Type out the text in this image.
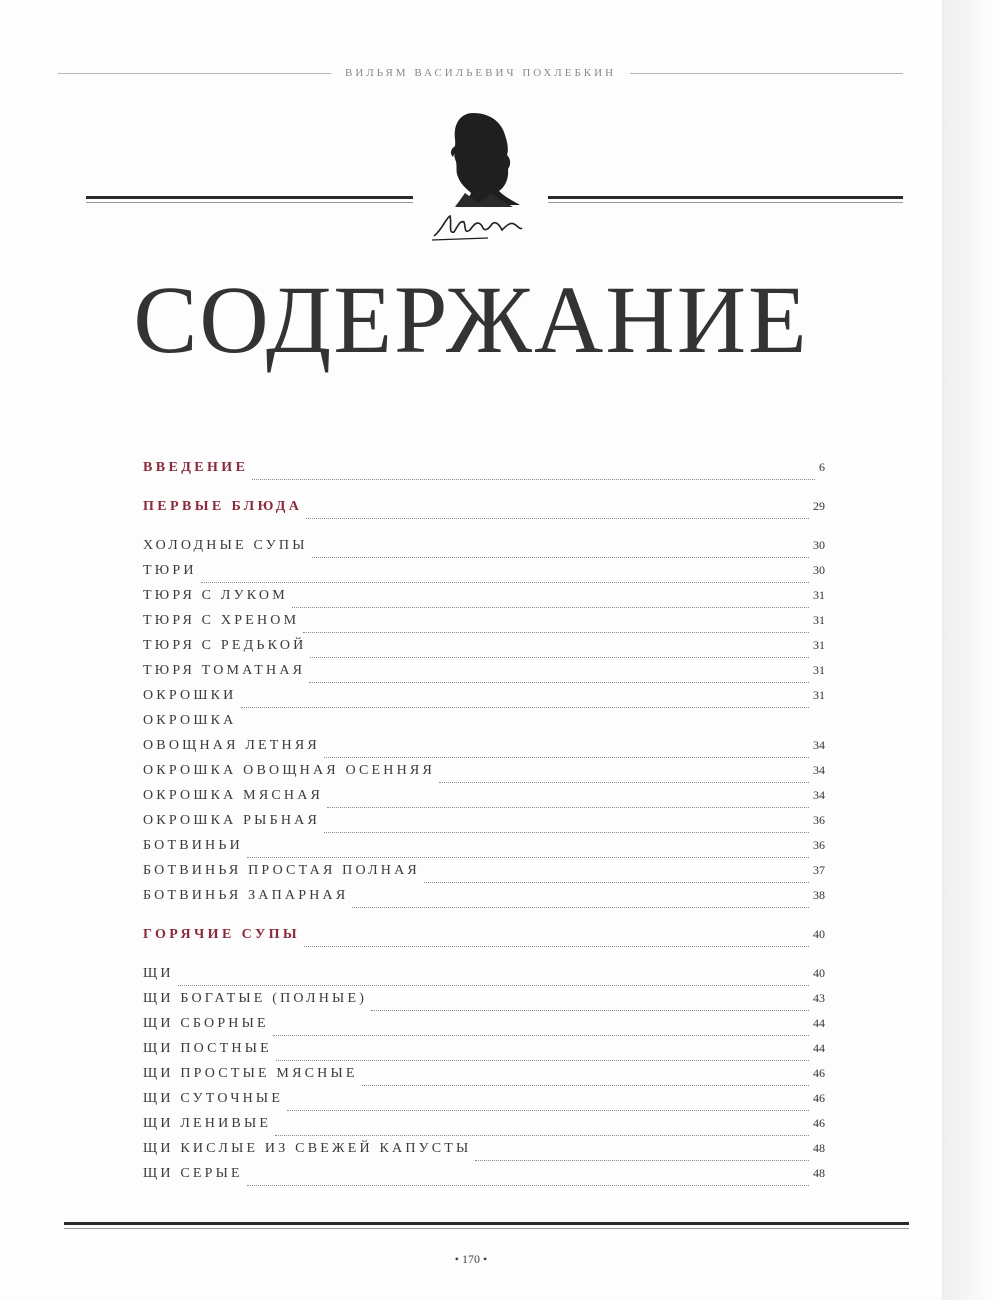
ВИЛЬЯМ ВАСИЛЬЕВИЧ ПОХЛЕБКИН
СОДЕРЖАНИЕ
ВВЕДЕНИЕ	6
ПЕРВЫЕ БЛЮДА	29
ХОЛОДНЫЕ СУПЫ	30
ТЮРИ	30
ТЮРЯ С ЛУКОМ	31
ТЮРЯ С ХРЕНОМ	31
ТЮРЯ С РЕДЬКОЙ	31
ТЮРЯ ТОМАТНАЯ	31
ОКРОШКИ	31
ОКРОШКА
ОВОЩНАЯ ЛЕТНЯЯ	34
ОКРОШКА ОВОЩНАЯ ОСЕННЯЯ	34
ОКРОШКА МЯСНАЯ	34
ОКРОШКА РЫБНАЯ	36
БОТВИНЬИ	36
БОТВИНЬЯ ПРОСТАЯ ПОЛНАЯ	37
БОТВИНЬЯ ЗАПАРНАЯ	38
ГОРЯЧИЕ СУПЫ	40
ЩИ	40
ЩИ БОГАТЫЕ (ПОЛНЫЕ)	43
ЩИ СБОРНЫЕ	44
ЩИ ПОСТНЫЕ	44
ЩИ ПРОСТЫЕ МЯСНЫЕ	46
ЩИ СУТОЧНЫЕ	46
ЩИ ЛЕНИВЫЕ	46
ЩИ КИСЛЫЕ ИЗ СВЕЖЕЙ КАПУСТЫ	48
ЩИ СЕРЫЕ	48
• 170 •
